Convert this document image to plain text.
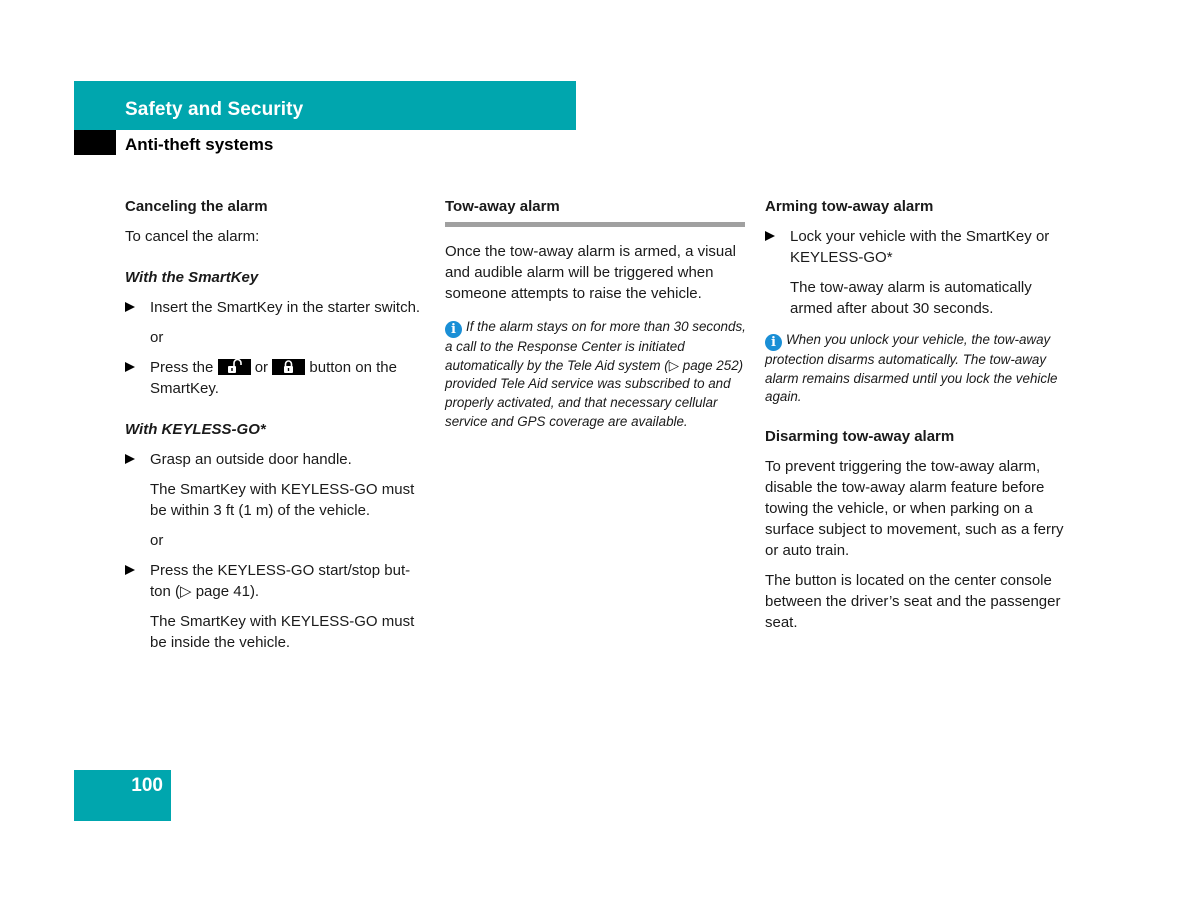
Safety and Security
Anti-theft systems

Canceling the alarm

To cancel the alarm:

With the SmartKey

Insert the SmartKey in the starter switch.

or

Press the	or	button on the SmartKey.

With KEYLESS-GO*

Grasp an outside door handle.

The SmartKey with KEYLESS-GO must be within 3 ft (1 m) of the vehicle.

or

Press the KEYLESS-GO start/stop but-ton (▷ page 41).

The SmartKey with KEYLESS-GO must be inside the vehicle.

Tow-away alarm

Once the tow-away alarm is armed, a visual and audible alarm will be triggered when someone attempts to raise the vehicle.

i If the alarm stays on for more than 30 seconds, a call to the Response Center is initiated automatically by the Tele Aid system (▷ page 252) provided Tele Aid service was subscribed to and properly activated, and that necessary cellular service and GPS coverage are available.

Arming tow-away alarm

Lock your vehicle with the SmartKey or KEYLESS-GO*

The tow-away alarm is automatically armed after about 30 seconds.

i When you unlock your vehicle, the tow-away protection disarms automatically. The tow-away alarm remains disarmed until you lock the vehicle again.

Disarming tow-away alarm

To prevent triggering the tow-away alarm, disable the tow-away alarm feature before towing the vehicle, or when parking on a surface subject to movement, such as a ferry or auto train.

The button is located on the center console between the driver’s seat and the passenger seat.

100
